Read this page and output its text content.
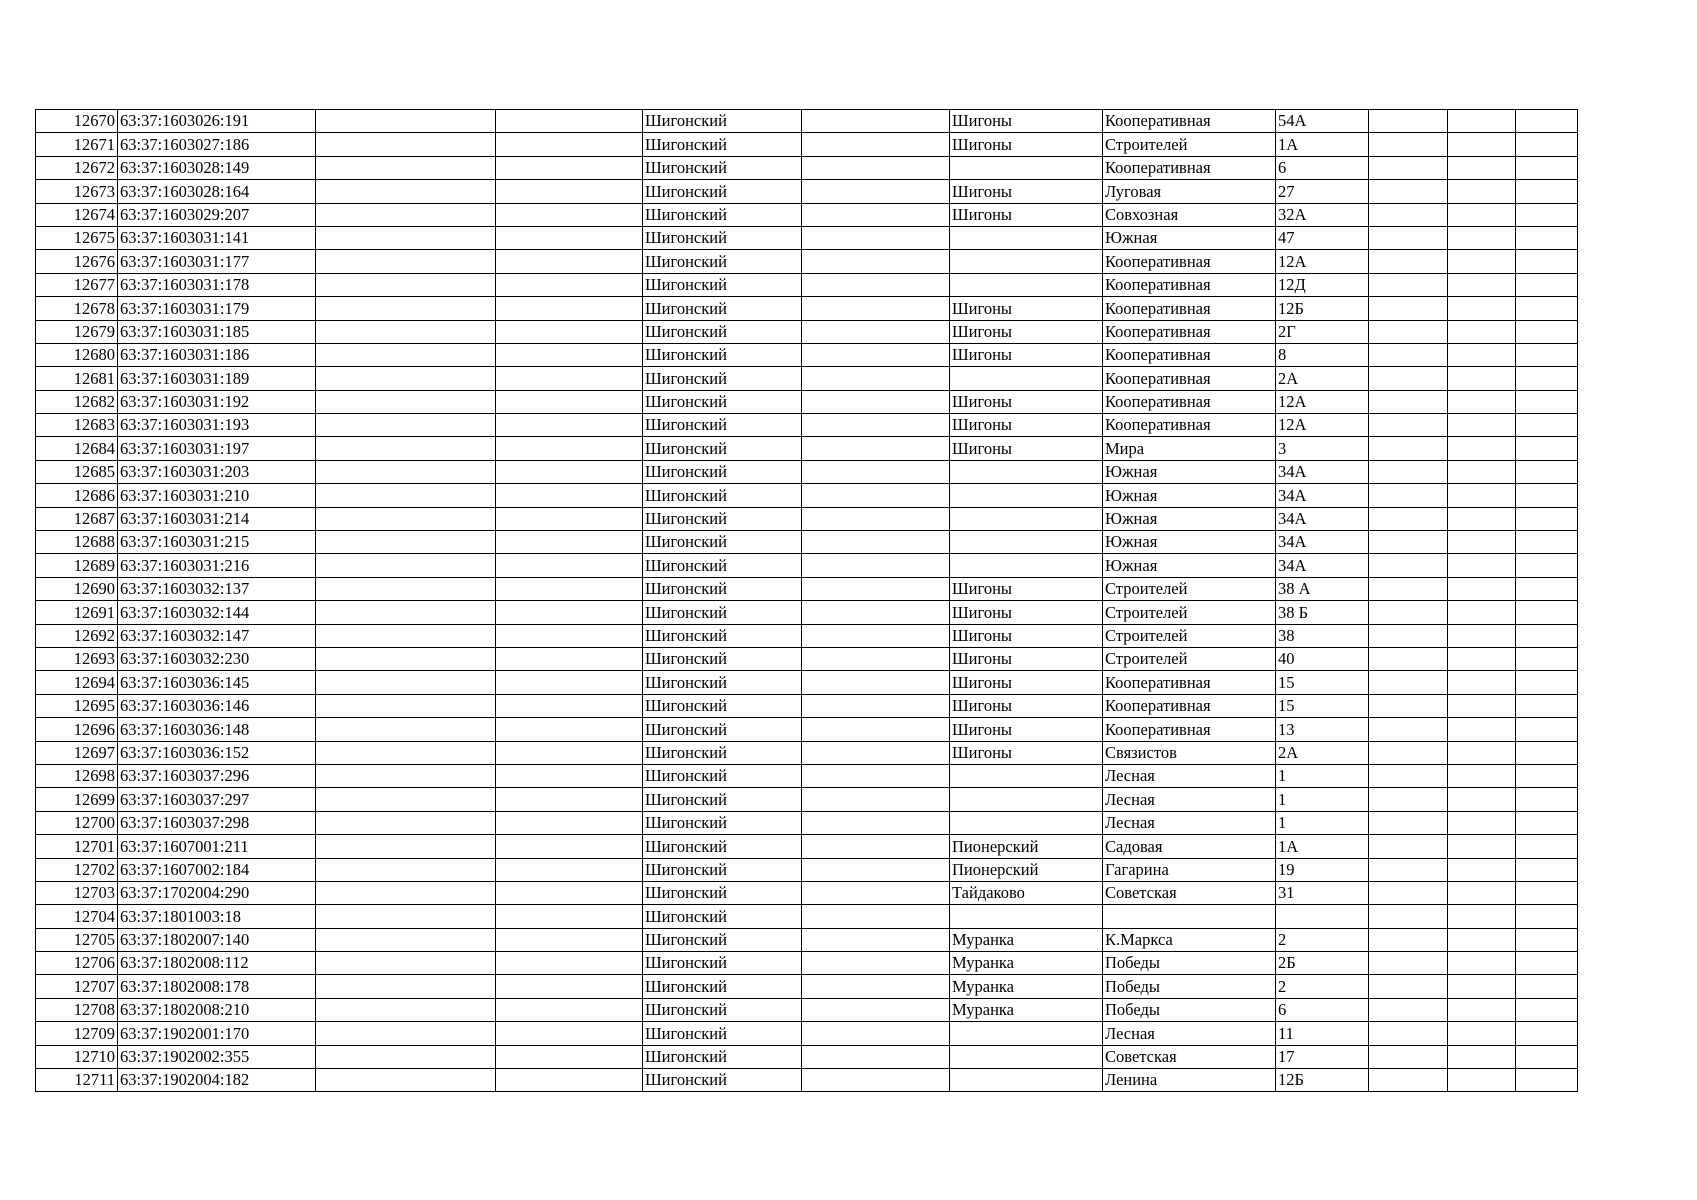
12670	63:37:1603026:191			Шигонский		Шигоны	Кооперативная	54А			
12671	63:37:1603027:186			Шигонский		Шигоны	Строителей	1А			
12672	63:37:1603028:149			Шигонский			Кооперативная	6			
12673	63:37:1603028:164			Шигонский		Шигоны	Луговая	27			
12674	63:37:1603029:207			Шигонский		Шигоны	Совхозная	32А			
12675	63:37:1603031:141			Шигонский			Южная	47			
12676	63:37:1603031:177			Шигонский			Кооперативная	12А			
12677	63:37:1603031:178			Шигонский			Кооперативная	12Д			
12678	63:37:1603031:179			Шигонский		Шигоны	Кооперативная	12Б			
12679	63:37:1603031:185			Шигонский		Шигоны	Кооперативная	2Г			
12680	63:37:1603031:186			Шигонский		Шигоны	Кооперативная	8			
12681	63:37:1603031:189			Шигонский			Кооперативная	2А			
12682	63:37:1603031:192			Шигонский		Шигоны	Кооперативная	12А			
12683	63:37:1603031:193			Шигонский		Шигоны	Кооперативная	12А			
12684	63:37:1603031:197			Шигонский		Шигоны	Мира	3			
12685	63:37:1603031:203			Шигонский			Южная	34А			
12686	63:37:1603031:210			Шигонский			Южная	34А			
12687	63:37:1603031:214			Шигонский			Южная	34А			
12688	63:37:1603031:215			Шигонский			Южная	34А			
12689	63:37:1603031:216			Шигонский			Южная	34А			
12690	63:37:1603032:137			Шигонский		Шигоны	Строителей	38 А			
12691	63:37:1603032:144			Шигонский		Шигоны	Строителей	38 Б			
12692	63:37:1603032:147			Шигонский		Шигоны	Строителей	38			
12693	63:37:1603032:230			Шигонский		Шигоны	Строителей	40			
12694	63:37:1603036:145			Шигонский		Шигоны	Кооперативная	15			
12695	63:37:1603036:146			Шигонский		Шигоны	Кооперативная	15			
12696	63:37:1603036:148			Шигонский		Шигоны	Кооперативная	13			
12697	63:37:1603036:152			Шигонский		Шигоны	Связистов	2А			
12698	63:37:1603037:296			Шигонский			Лесная	1			
12699	63:37:1603037:297			Шигонский			Лесная	1			
12700	63:37:1603037:298			Шигонский			Лесная	1			
12701	63:37:1607001:211			Шигонский		Пионерский	Садовая	1А			
12702	63:37:1607002:184			Шигонский		Пионерский	Гагарина	19			
12703	63:37:1702004:290			Шигонский		Тайдаково	Советская	31			
12704	63:37:1801003:18			Шигонский							
12705	63:37:1802007:140			Шигонский		Муранка	К.Маркса	2			
12706	63:37:1802008:112			Шигонский		Муранка	Победы	2Б			
12707	63:37:1802008:178			Шигонский		Муранка	Победы	2			
12708	63:37:1802008:210			Шигонский		Муранка	Победы	6			
12709	63:37:1902001:170			Шигонский			Лесная	11			
12710	63:37:1902002:355			Шигонский			Советская	17			
12711	63:37:1902004:182			Шигонский			Ленина	12Б			
